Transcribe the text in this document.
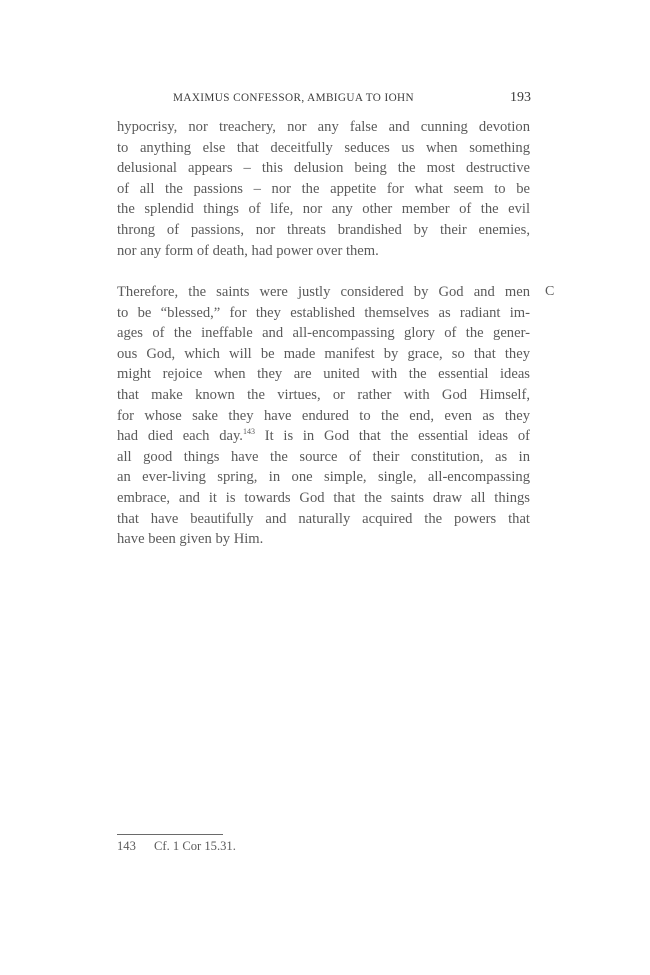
MAXIMUS CONFESSOR, AMBIGUA TO IOHN	193

hypocrisy, nor treachery, nor any false and cunning devotion
to anything else that deceitfully seduces us when something
delusional appears – this delusion being the most destructive
of all the passions – nor the appetite for what seem to be
the splendid things of life, nor any other member of the evil
throng of passions, nor threats brandished by their enemies,
nor any form of death, had power over them.

Therefore, the saints were justly considered by God and men
to be “blessed,” for they established themselves as radiant im-
ages of the ineffable and all-encompassing glory of the gener-
ous God, which will be made manifest by grace, so that they
might rejoice when they are united with the essential ideas
that make known the virtues, or rather with God Himself,
for whose sake they have endured to the end, even as they
had died each day.$^{143}$ It is in God that the essential ideas of
all good things have the source of their constitution, as in
an ever-living spring, in one simple, single, all-encompassing
embrace, and it is towards God that the saints draw all things
that have beautifully and naturally acquired the powers that
have been given by Him.

C
143 Cf. 1 Cor 15.31.
